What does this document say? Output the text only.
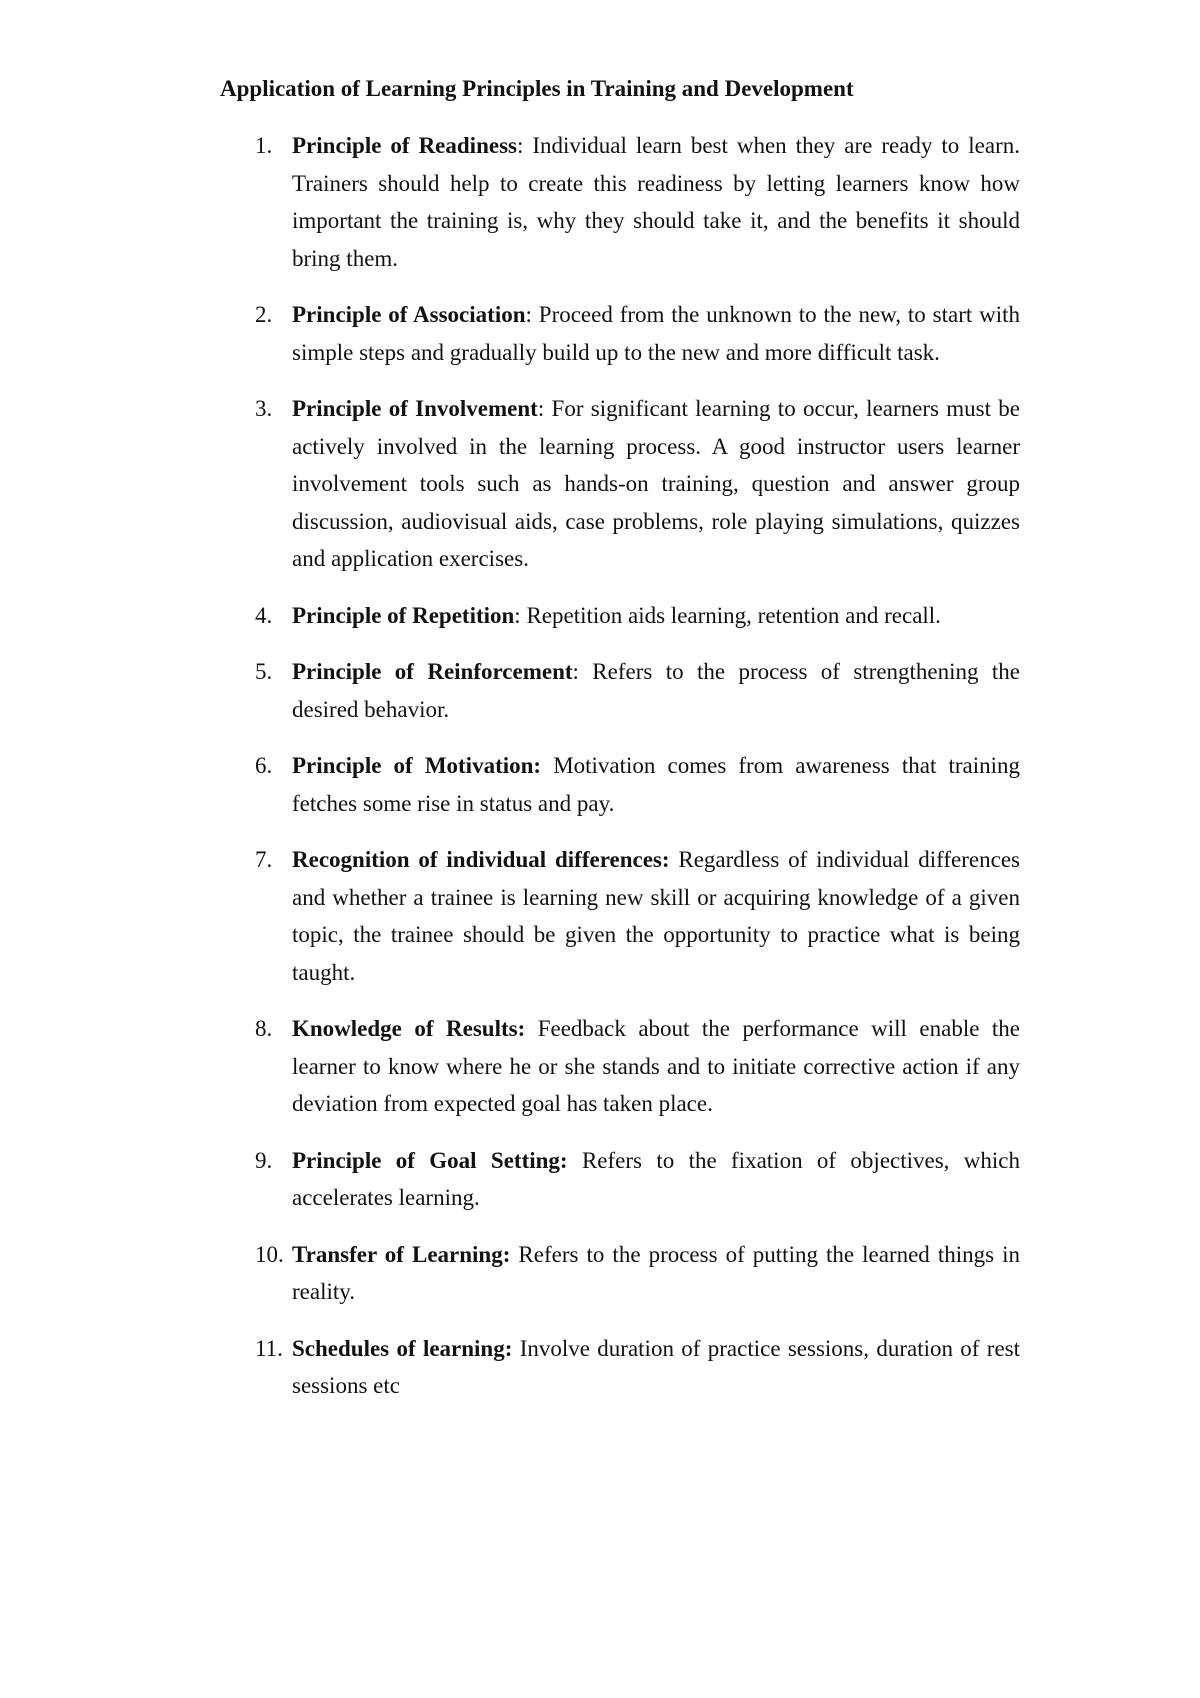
Application of Learning Principles in Training and Development
1. Principle of Readiness: Individual learn best when they are ready to learn. Trainers should help to create this readiness by letting learners know how important the training is, why they should take it, and the benefits it should bring them.
2. Principle of Association: Proceed from the unknown to the new, to start with simple steps and gradually build up to the new and more difficult task.
3. Principle of Involvement: For significant learning to occur, learners must be actively involved in the learning process. A good instructor users learner involvement tools such as hands-on training, question and answer group discussion, audiovisual aids, case problems, role playing simulations, quizzes and application exercises.
4. Principle of Repetition: Repetition aids learning, retention and recall.
5. Principle of Reinforcement: Refers to the process of strengthening the desired behavior.
6. Principle of Motivation: Motivation comes from awareness that training fetches some rise in status and pay.
7. Recognition of individual differences: Regardless of individual differences and whether a trainee is learning new skill or acquiring knowledge of a given topic, the trainee should be given the opportunity to practice what is being taught.
8. Knowledge of Results: Feedback about the performance will enable the learner to know where he or she stands and to initiate corrective action if any deviation from expected goal has taken place.
9. Principle of Goal Setting: Refers to the fixation of objectives, which accelerates learning.
10. Transfer of Learning: Refers to the process of putting the learned things in reality.
11. Schedules of learning: Involve duration of practice sessions, duration of rest sessions etc
